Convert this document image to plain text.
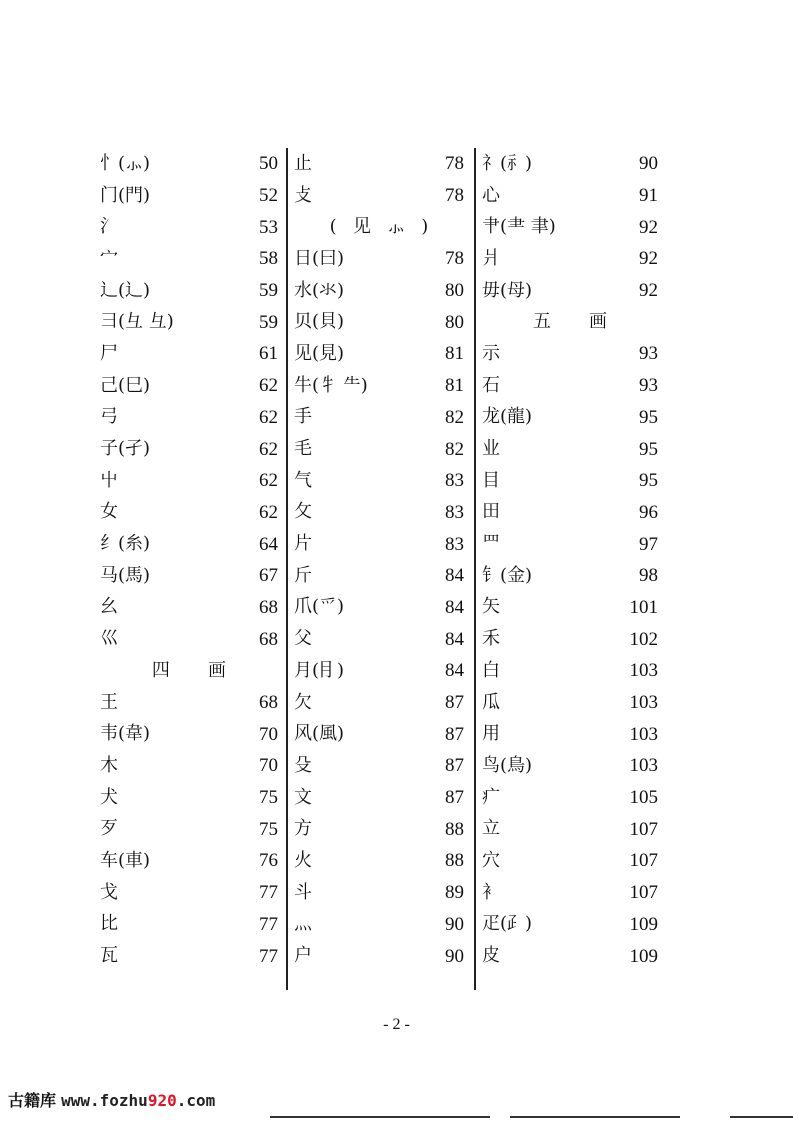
忄(⺗)	50
门(門)	52
氵	53
宀	58
辶(辶)	59
彐(彑 彑)	59
尸	61
己(巳)	62
弓	62
子(孑)	62
屮	62
女	62
纟(糸)	64
马(馬)	67
幺	68
巛	68
四 画
王	68
韦(韋)	70
木	70
犬	75
歹	75
车(車)	76
戈	77
比	77
瓦	77
止	78
攴	78
(见⺗)
日(曰)	78
水(氺)	80
贝(貝)	80
见(見)	81
牛(牜 ⺧)	81
手	82
毛	82
气	83
攵	83
片	83
斤	84
爪(爫)	84
父	84
月(⺝)	84
欠	87
风(風)	87
殳	87
文	87
方	88
火	88
斗	89
灬	90
户	90
礻(⺬)	90
心	91
肀(⺻ 聿)	92
爿	92
毋(母)	92
五 画
示	93
石	93
龙(龍)	95
业	95
目	95
田	96
罒	97
钅(金)	98
矢	101
禾	102
白	103
瓜	103
用	103
鸟(鳥)	103
疒	105
立	107
穴	107
衤	107
疋(⺪)	109
皮	109
- 2 -
古籍库 www.fozhu920.com
